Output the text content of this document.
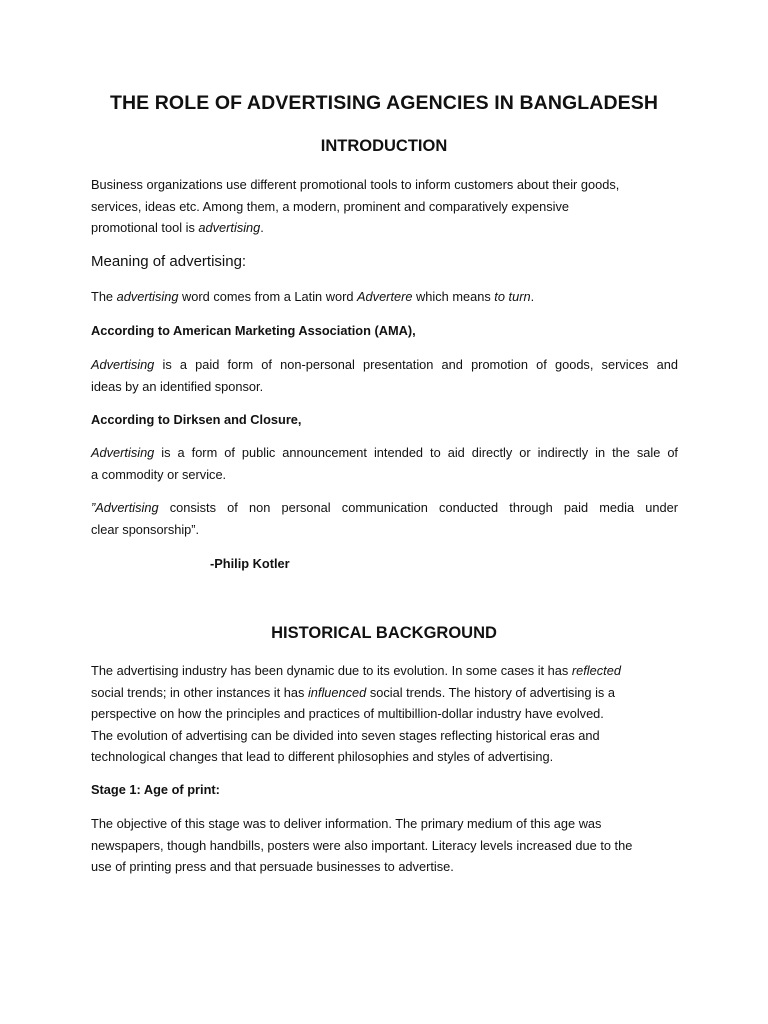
THE ROLE OF ADVERTISING AGENCIES IN BANGLADESH
INTRODUCTION

Business organizations use different promotional tools to inform customers about their goods,
services, ideas etc. Among them, a modern, prominent and comparatively expensive
promotional tool is advertising.

Meaning of advertising:

The advertising word comes from a Latin word Advertere which means to turn.

According to American Marketing Association (AMA),

Advertising is a paid form of non-personal presentation and promotion of goods, services and
ideas by an identified sponsor.

According to Dirksen and Closure,

Advertising is a form of public announcement intended to aid directly or indirectly in the sale of
a commodity or service.

”Advertising consists of non personal communication conducted through paid media under
clear sponsorship”.

-Philip Kotler

HISTORICAL BACKGROUND

The advertising industry has been dynamic due to its evolution. In some cases it has reflected
social trends; in other instances it has influenced social trends. The history of advertising is a
perspective on how the principles and practices of multibillion-dollar industry have evolved.
The evolution of advertising can be divided into seven stages reflecting historical eras and
technological changes that lead to different philosophies and styles of advertising.

Stage 1: Age of print:

The objective of this stage was to deliver information. The primary medium of this age was
newspapers, though handbills, posters were also important. Literacy levels increased due to the
use of printing press and that persuade businesses to advertise.
